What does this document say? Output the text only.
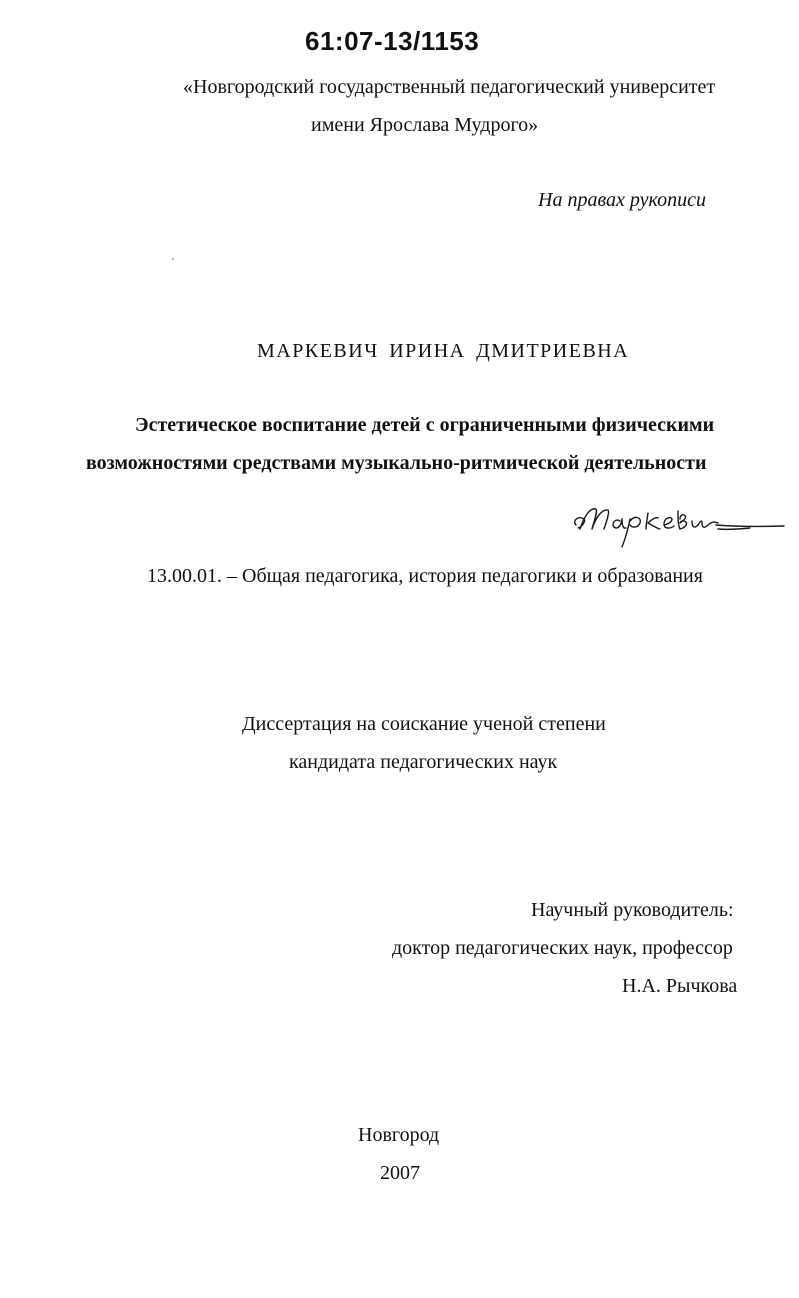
61:07-13/1153
«Новгородский государственный педагогический университет
имени Ярослава Мудрого»
На правах рукописи
МАРКЕВИЧ ИРИНА ДМИТРИЕВНА
Эстетическое воспитание детей с ограниченными физическими
возможностями средствами музыкально-ритмической деятельности
13.00.01. – Общая педагогика, история педагогики и образования
Диссертация на соискание ученой степени
кандидата педагогических наук
Научный руководитель:
доктор педагогических наук, профессор
Н.А. Рычкова
Новгород
2007
